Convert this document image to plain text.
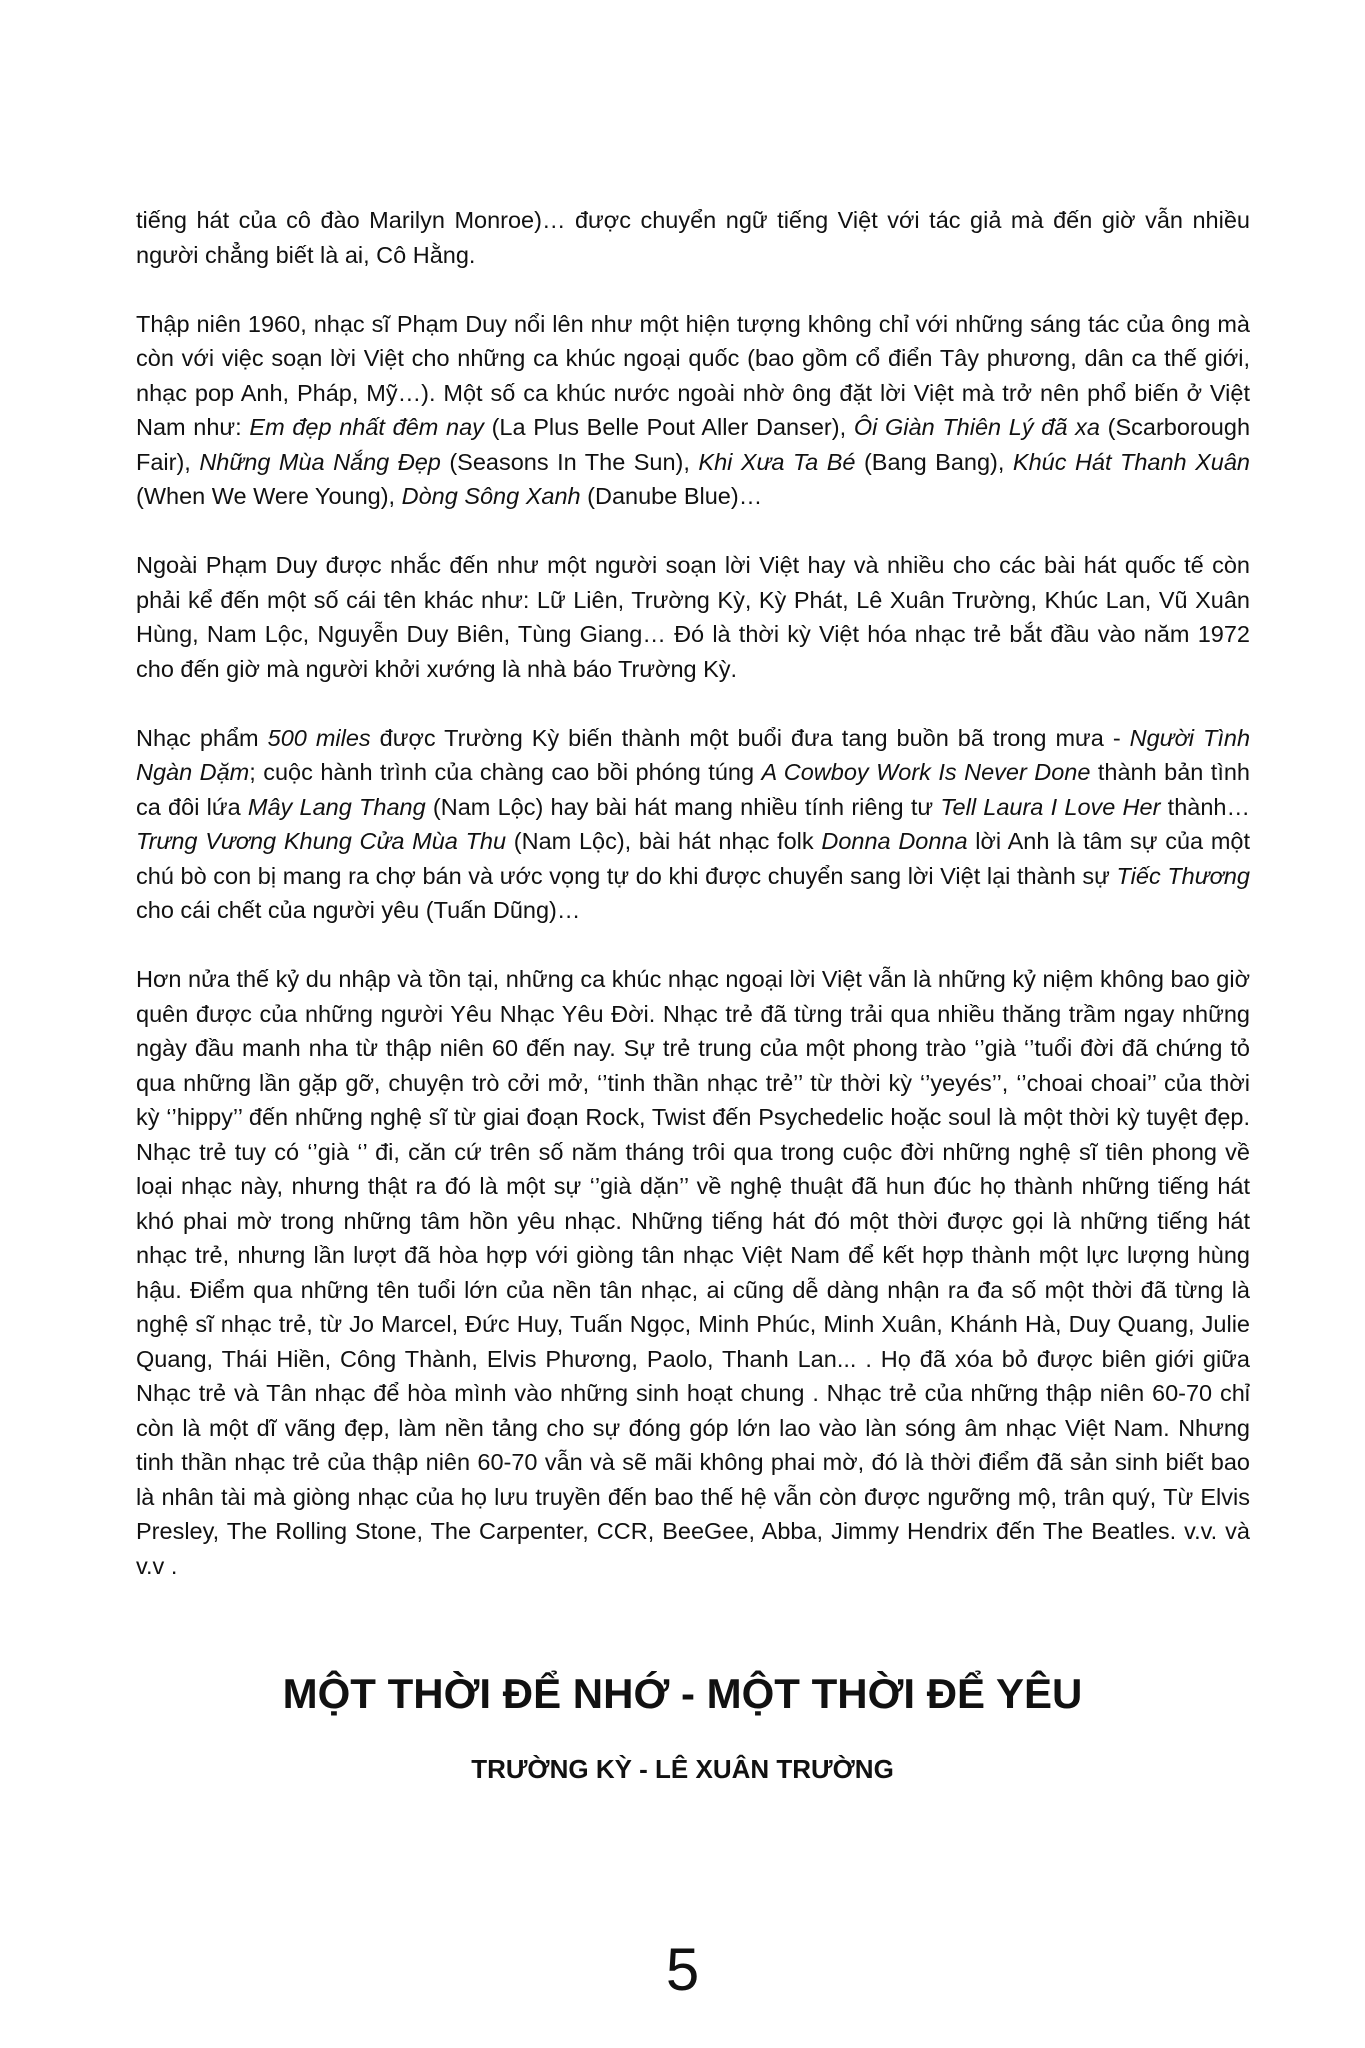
tiếng hát của cô đào Marilyn Monroe)… được chuyển ngữ tiếng Việt với tác giả mà đến giờ vẫn nhiều người chẳng biết là ai, Cô Hằng.

Thập niên 1960, nhạc sĩ Phạm Duy nổi lên như một hiện tượng không chỉ với những sáng tác của ông mà còn với việc soạn lời Việt cho những ca khúc ngoại quốc (bao gồm cổ điển Tây phương, dân ca thế giới, nhạc pop Anh, Pháp, Mỹ…). Một số ca khúc nước ngoài nhờ ông đặt lời Việt mà trở nên phổ biến ở Việt Nam như: Em đẹp nhất đêm nay (La Plus Belle Pout Aller Danser), Ôi Giàn Thiên Lý đã xa (Scarborough Fair), Những Mùa Nắng Đẹp (Seasons In The Sun), Khi Xưa Ta Bé (Bang Bang), Khúc Hát Thanh Xuân (When We Were Young), Dòng Sông Xanh (Danube Blue)…

Ngoài Phạm Duy được nhắc đến như một người soạn lời Việt hay và nhiều cho các bài hát quốc tế còn phải kể đến một số cái tên khác như: Lữ Liên, Trường Kỳ, Kỳ Phát, Lê Xuân Trường, Khúc Lan, Vũ Xuân Hùng, Nam Lộc, Nguyễn Duy Biên, Tùng Giang… Đó là thời kỳ Việt hóa nhạc trẻ bắt đầu vào năm 1972 cho đến giờ mà người khởi xướng là nhà báo Trường Kỳ.

Nhạc phẩm 500 miles được Trường Kỳ biến thành một buổi đưa tang buồn bã trong mưa - Người Tình Ngàn Dặm; cuộc hành trình của chàng cao bồi phóng túng A Cowboy Work Is Never Done thành bản tình ca đôi lứa Mây Lang Thang (Nam Lộc) hay bài hát mang nhiều tính riêng tư Tell Laura I Love Her thành… Trưng Vương Khung Cửa Mùa Thu (Nam Lộc), bài hát nhạc folk Donna Donna lời Anh là tâm sự của một chú bò con bị mang ra chợ bán và ước vọng tự do khi được chuyển sang lời Việt lại thành sự Tiếc Thương cho cái chết của người yêu (Tuấn Dũng)…

Hơn nửa thế kỷ du nhập và tồn tại, những ca khúc nhạc ngoại lời Việt vẫn là những kỷ niệm không bao giờ quên được của những người Yêu Nhạc Yêu Đời. Nhạc trẻ đã từng trải qua nhiều thăng trầm ngay những ngày đầu manh nha từ thập niên 60 đến nay. Sự trẻ trung của một phong trào ‘’già ‘’tuổi đời đã chứng tỏ qua những lần gặp gỡ, chuyện trò cởi mở, ‘’tinh thần nhạc trẻ’’ từ thời kỳ ‘’yeyés’’, ‘’choai choai’’ của thời kỳ ‘’hippy’’ đến những nghệ sĩ từ giai đoạn Rock, Twist đến Psychedelic hoặc soul là một thời kỳ tuyệt đẹp. Nhạc trẻ tuy có ‘’già ‘’ đi, căn cứ trên số năm tháng trôi qua trong cuộc đời những nghệ sĩ tiên phong về loại nhạc này, nhưng thật ra đó là một sự ‘’già dặn’’ về nghệ thuật đã hun đúc họ thành những tiếng hát khó phai mờ trong những tâm hồn yêu nhạc. Những tiếng hát đó một thời được gọi là những tiếng hát nhạc trẻ, nhưng lần lượt đã hòa hợp với giòng tân nhạc Việt Nam để kết hợp thành một lực lượng hùng hậu. Điểm qua những tên tuổi lớn của nền tân nhạc, ai cũng dễ dàng nhận ra đa số một thời đã từng là nghệ sĩ nhạc trẻ, từ Jo Marcel, Đức Huy, Tuấn Ngọc, Minh Phúc, Minh Xuân, Khánh Hà, Duy Quang, Julie Quang, Thái Hiền, Công Thành, Elvis Phương, Paolo, Thanh Lan... . Họ đã xóa bỏ được biên giới giữa Nhạc trẻ và Tân nhạc để hòa mình vào những sinh hoạt chung . Nhạc trẻ của những thập niên 60-70 chỉ còn là một dĩ vãng đẹp, làm nền tảng cho sự đóng góp lớn lao vào làn sóng âm nhạc Việt Nam. Nhưng tinh thần nhạc trẻ của thập niên 60-70 vẫn và sẽ mãi không phai mờ, đó là thời điểm đã sản sinh biết bao là nhân tài mà giòng nhạc của họ lưu truyền đến bao thế hệ vẫn còn được ngưỡng mộ, trân quý, Từ Elvis Presley, The Rolling Stone, The Carpenter, CCR, BeeGee, Abba, Jimmy Hendrix đến The Beatles. v.v. và v.v .

MỘT THỜI ĐỂ NHỚ - MỘT THỜI ĐỂ YÊU
TRƯỜNG KỲ - LÊ XUÂN TRƯỜNG
5
